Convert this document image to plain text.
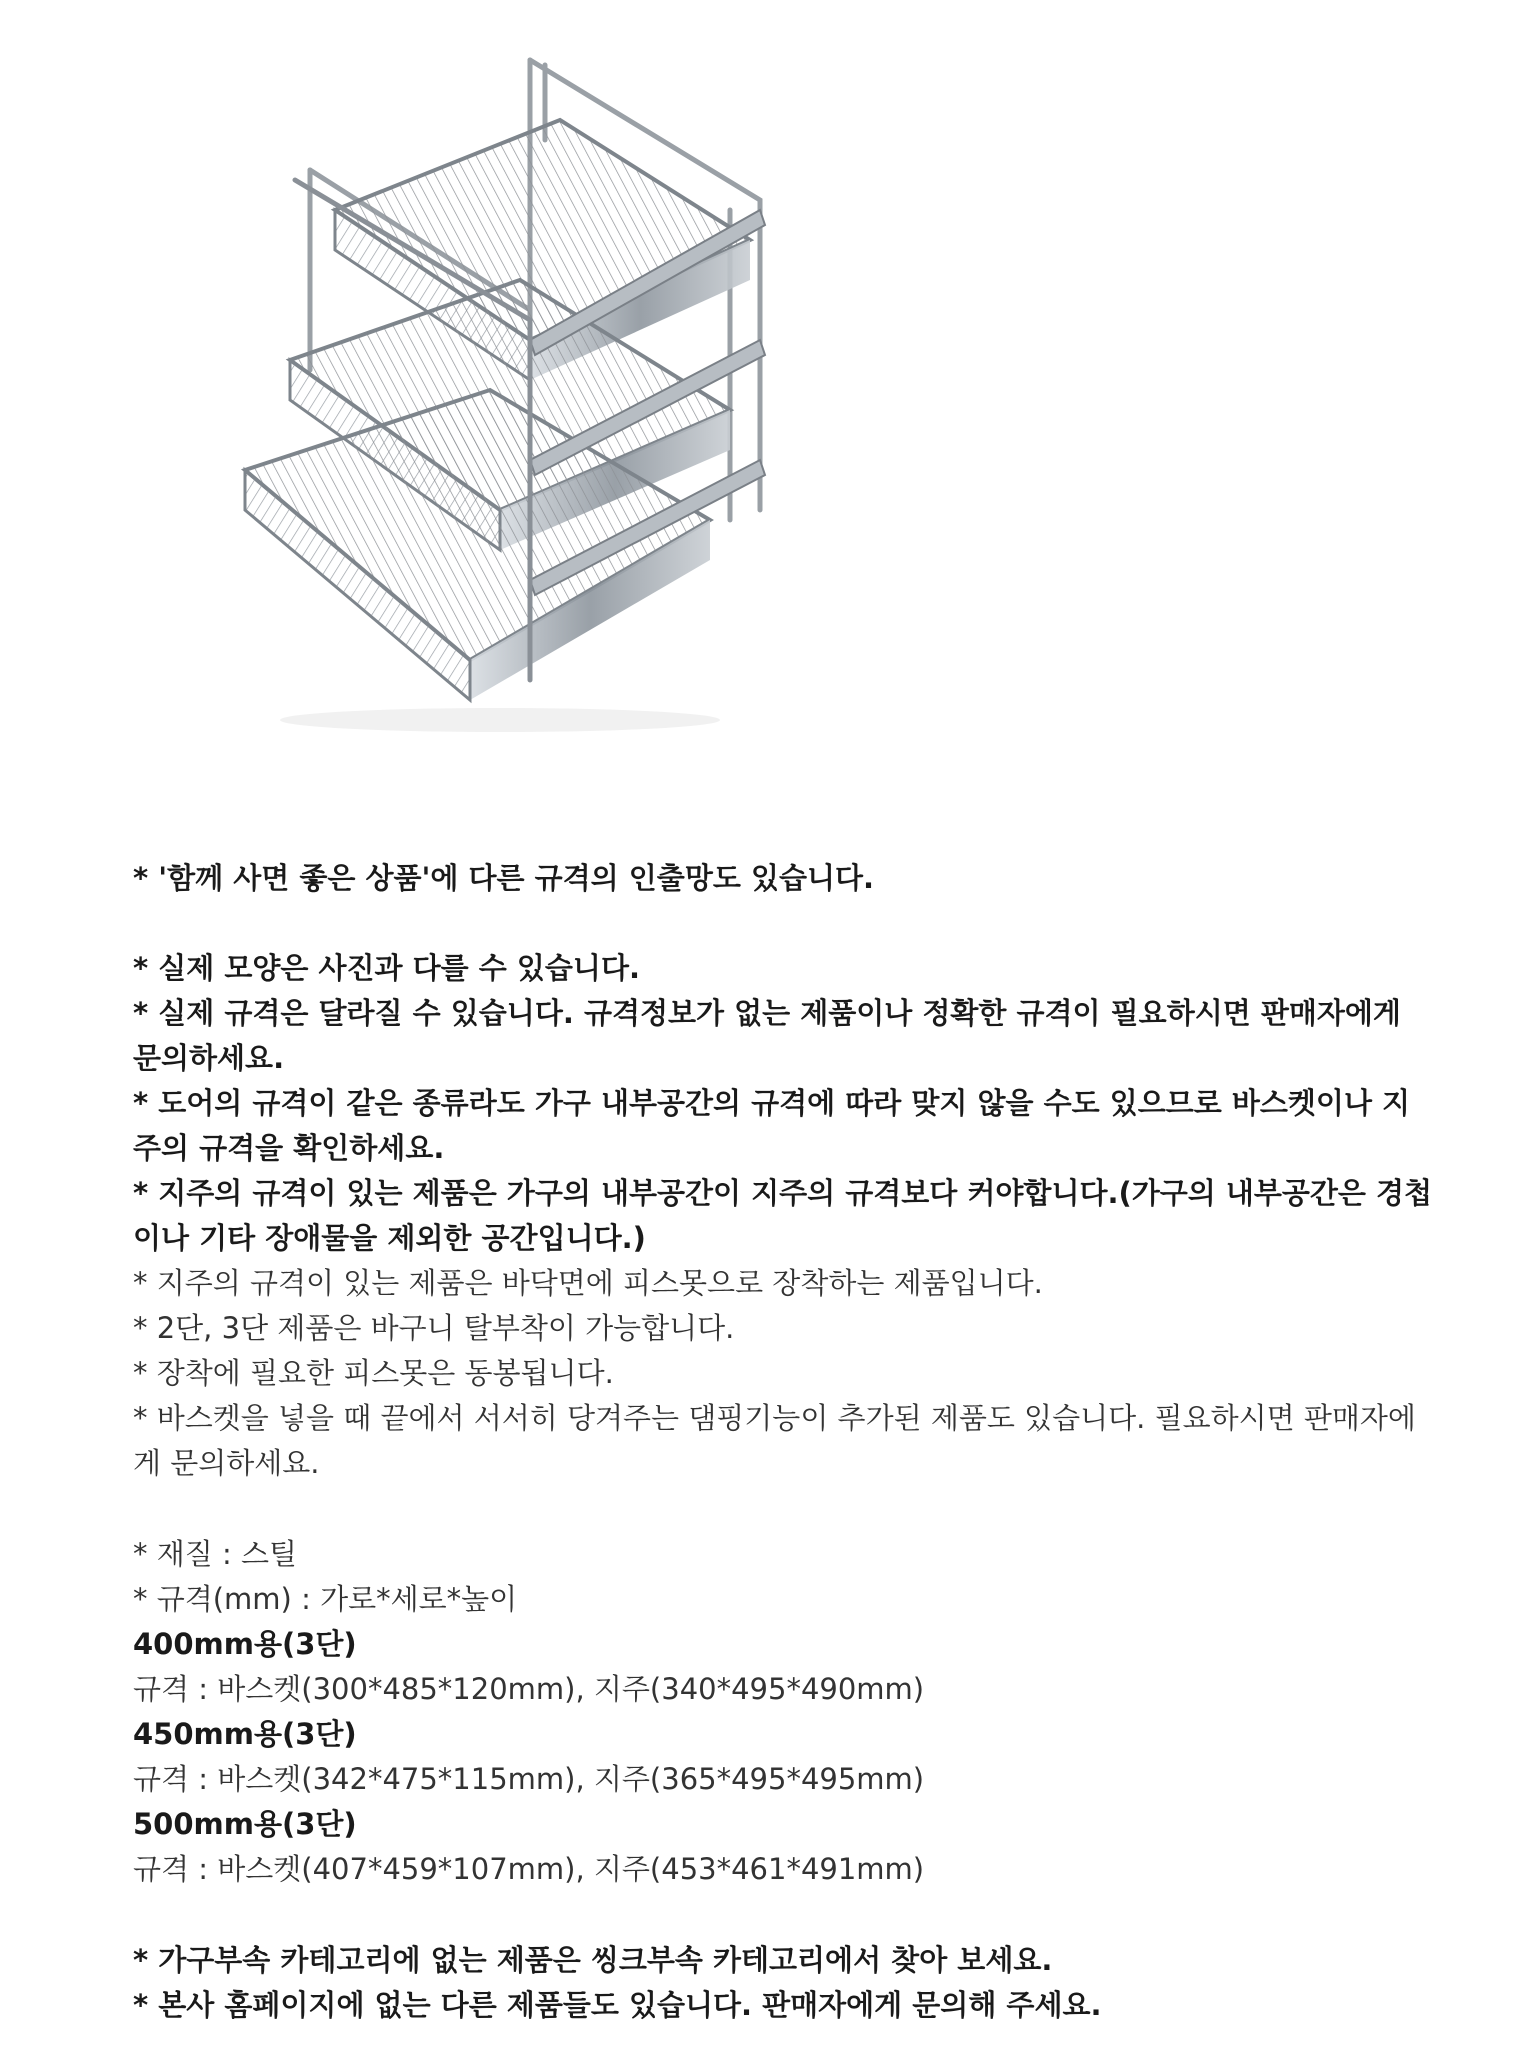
* '함께 사면 좋은 상품'에 다른 규격의 인출망도 있습니다.
* 실제 모양은 사진과 다를 수 있습니다.
* 실제 규격은 달라질 수 있습니다. 규격정보가 없는 제품이나 정확한 규격이 필요하시면 판매자에게
문의하세요.
* 도어의 규격이 같은 종류라도 가구 내부공간의 규격에 따라 맞지 않을 수도 있으므로 바스켓이나 지
주의 규격을 확인하세요.
* 지주의 규격이 있는 제품은 가구의 내부공간이 지주의 규격보다 커야합니다.(가구의 내부공간은 경첩
이나 기타 장애물을 제외한 공간입니다.)
* 지주의 규격이 있는 제품은 바닥면에 피스못으로 장착하는 제품입니다.
* 2단, 3단 제품은 바구니 탈부착이 가능합니다.
* 장착에 필요한 피스못은 동봉됩니다.
* 바스켓을 넣을 때 끝에서 서서히 당겨주는 댐핑기능이 추가된 제품도 있습니다. 필요하시면 판매자에
게 문의하세요.
* 재질 : 스틸
* 규격(mm) : 가로*세로*높이
400mm용(3단)
규격 : 바스켓(300*485*120mm), 지주(340*495*490mm)
450mm용(3단)
규격 : 바스켓(342*475*115mm), 지주(365*495*495mm)
500mm용(3단)
규격 : 바스켓(407*459*107mm), 지주(453*461*491mm)
* 가구부속 카테고리에 없는 제품은 씽크부속 카테고리에서 찾아 보세요.
* 본사 홈페이지에 없는 다른 제품들도 있습니다. 판매자에게 문의해 주세요.
